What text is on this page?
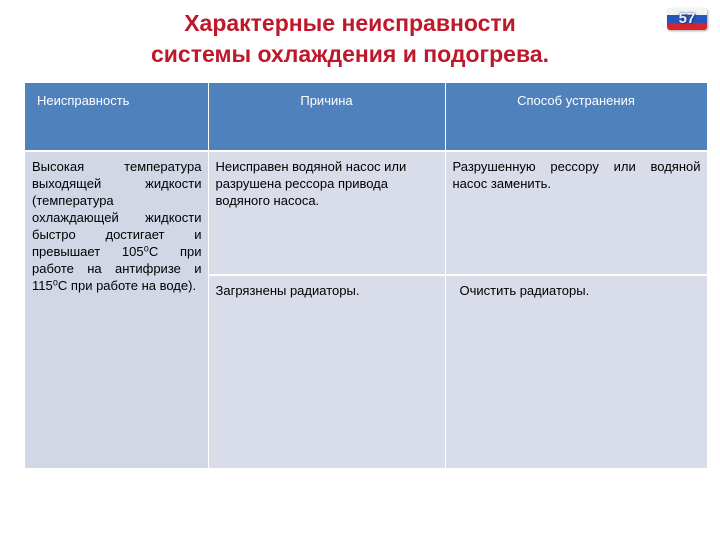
Характерные неисправности
системы охлаждения и подогрева.
57
Неисправность	Причина	Способ устранения
Высокая температура выходящей жидкости (температура охлаждающей жидкости быстро достигает и превышает 105⁰С при работе на антифризе и 115⁰С при работе на воде).	Неисправен водяной насос или разрушена рессора привода водяного насоса.	Разрушенную рессору или водяной насос заменить.
	Загрязнены радиаторы.	Очистить радиаторы.
